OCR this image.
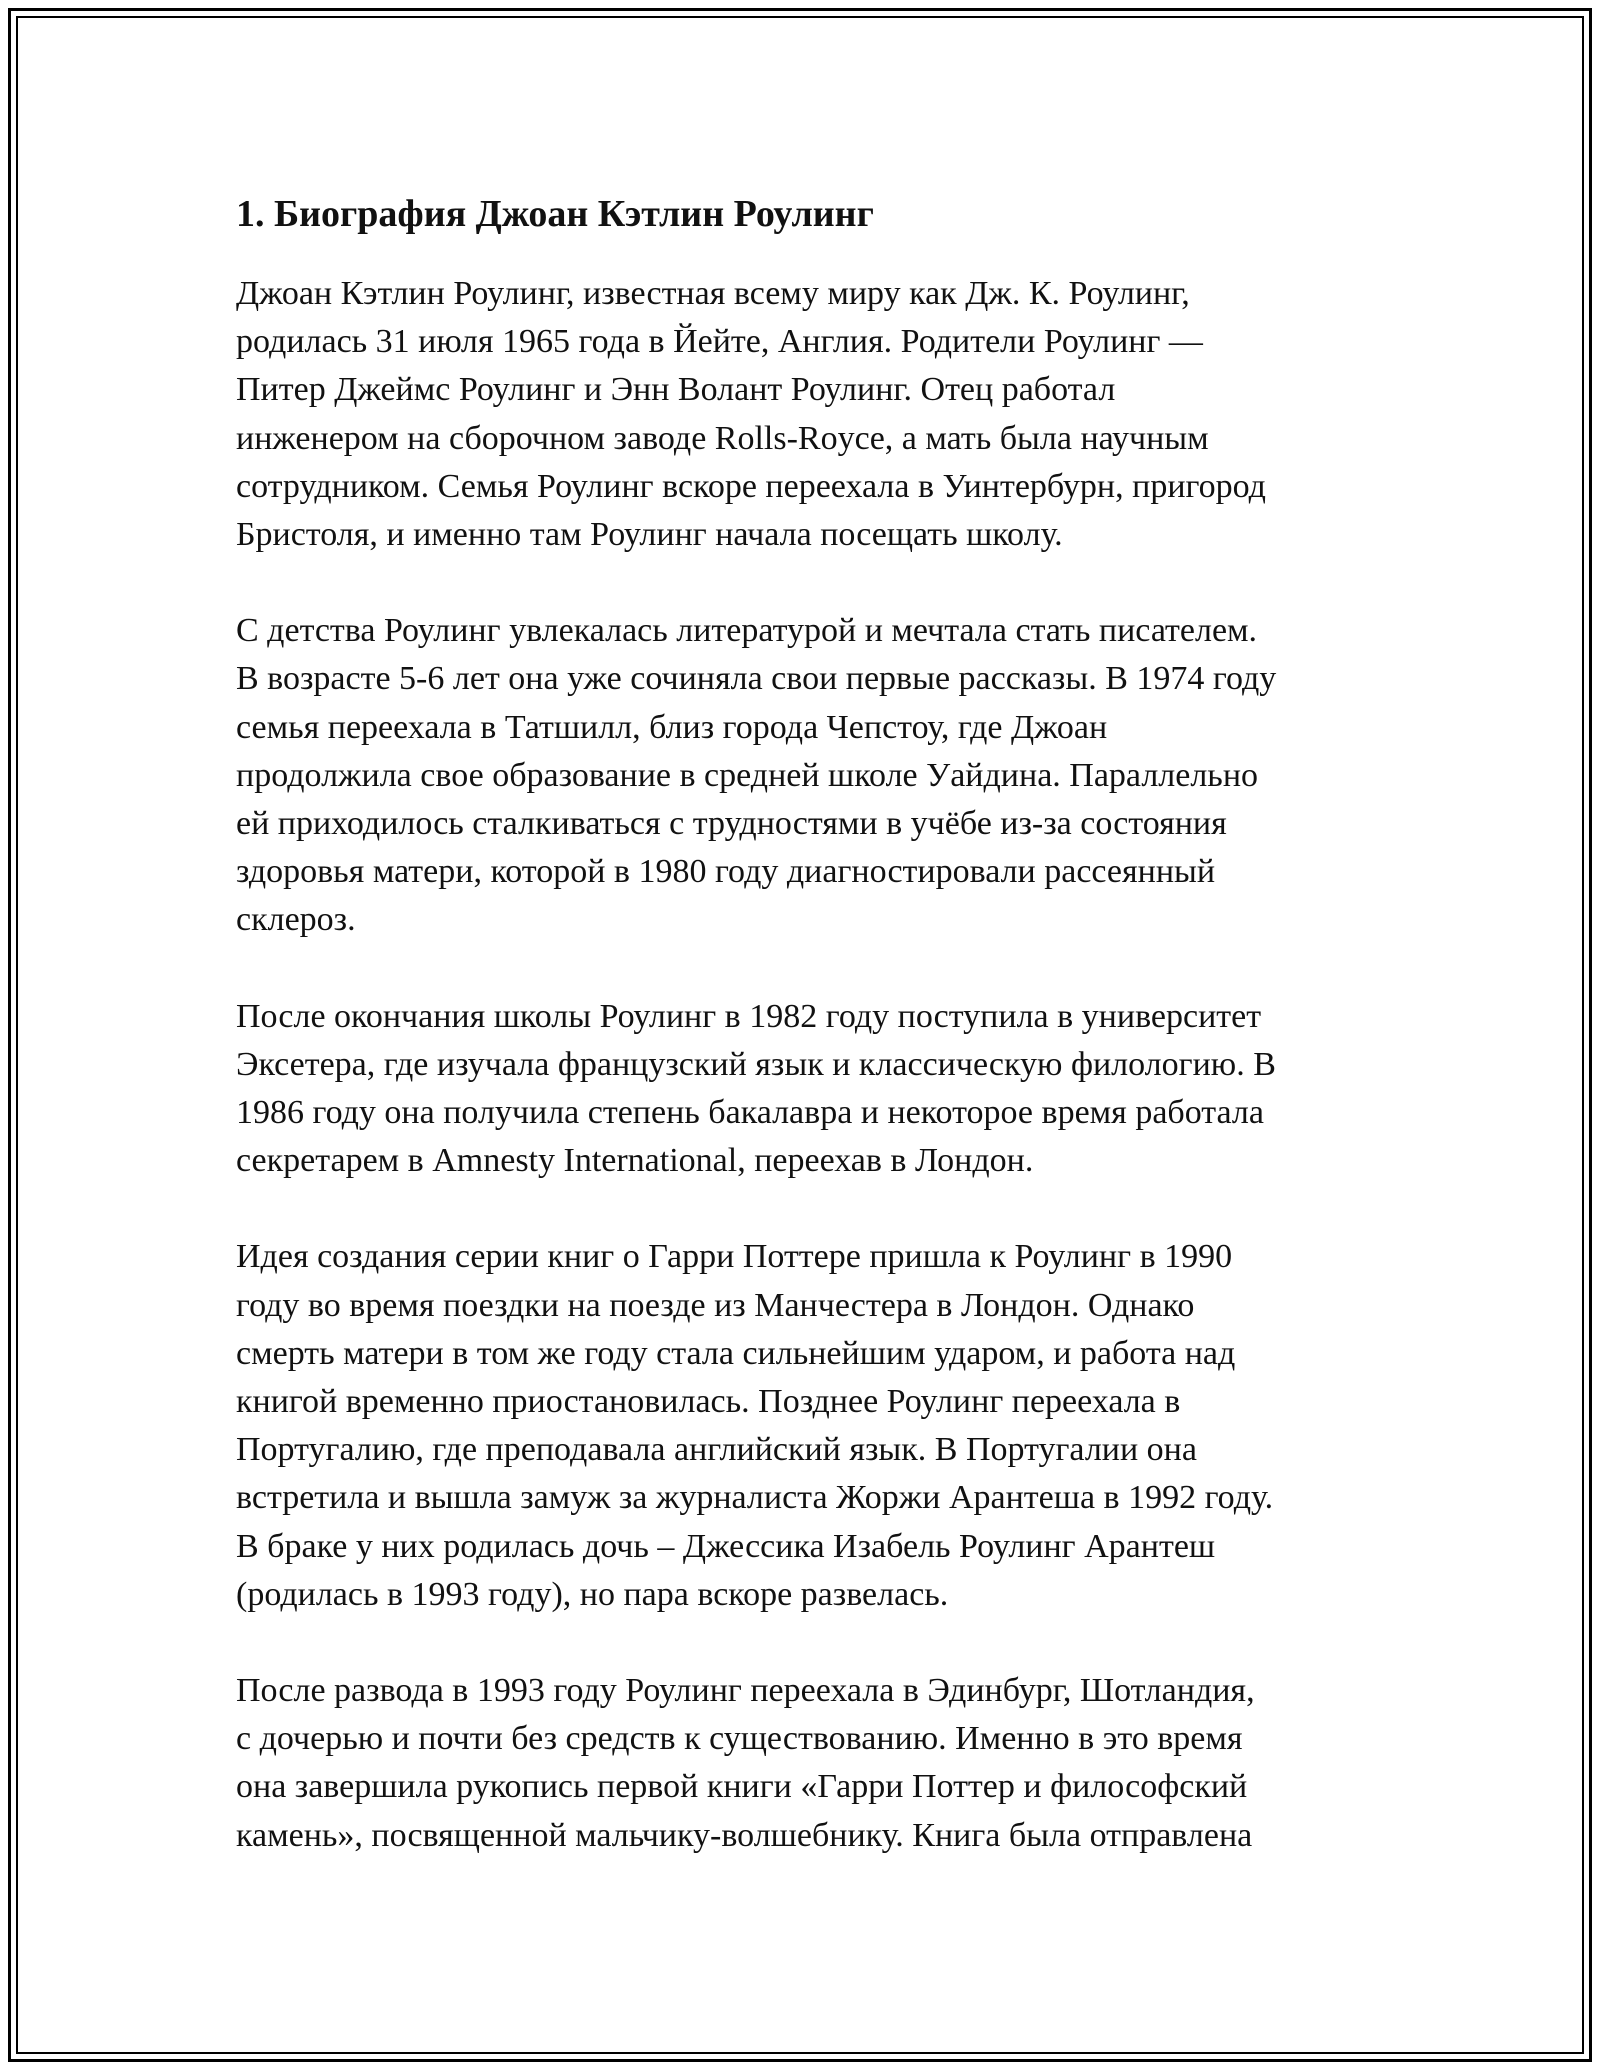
1. Биография Джоан Кэтлин Роулинг

Джоан Кэтлин Роулинг, известная всему миру как Дж. К. Роулинг,
родилась 31 июля 1965 года в Йейте, Англия. Родители Роулинг —
Питер Джеймс Роулинг и Энн Волант Роулинг. Отец работал
инженером на сборочном заводе Rolls-Royce, а мать была научным
сотрудником. Семья Роулинг вскоре переехала в Уинтербурн, пригород
Бристоля, и именно там Роулинг начала посещать школу.

С детства Роулинг увлекалась литературой и мечтала стать писателем.
В возрасте 5-6 лет она уже сочиняла свои первые рассказы. В 1974 году
семья переехала в Татшилл, близ города Чепстоу, где Джоан
продолжила свое образование в средней школе Уайдина. Параллельно
ей приходилось сталкиваться с трудностями в учёбе из-за состояния
здоровья матери, которой в 1980 году диагностировали рассеянный
склероз.

После окончания школы Роулинг в 1982 году поступила в университет
Эксетера, где изучала французский язык и классическую филологию. В
1986 году она получила степень бакалавра и некоторое время работала
секретарем в Amnesty International, переехав в Лондон.

Идея создания серии книг о Гарри Поттере пришла к Роулинг в 1990
году во время поездки на поезде из Манчестера в Лондон. Однако
смерть матери в том же году стала сильнейшим ударом, и работа над
книгой временно приостановилась. Позднее Роулинг переехала в
Португалию, где преподавала английский язык. В Португалии она
встретила и вышла замуж за журналиста Жоржи Арантеша в 1992 году.
В браке у них родилась дочь – Джессика Изабель Роулинг Арантеш
(родилась в 1993 году), но пара вскоре развелась.

После развода в 1993 году Роулинг переехала в Эдинбург, Шотландия,
с дочерью и почти без средств к существованию. Именно в это время
она завершила рукопись первой книги «Гарри Поттер и философский
камень», посвященной мальчику-волшебнику. Книга была отправлена
